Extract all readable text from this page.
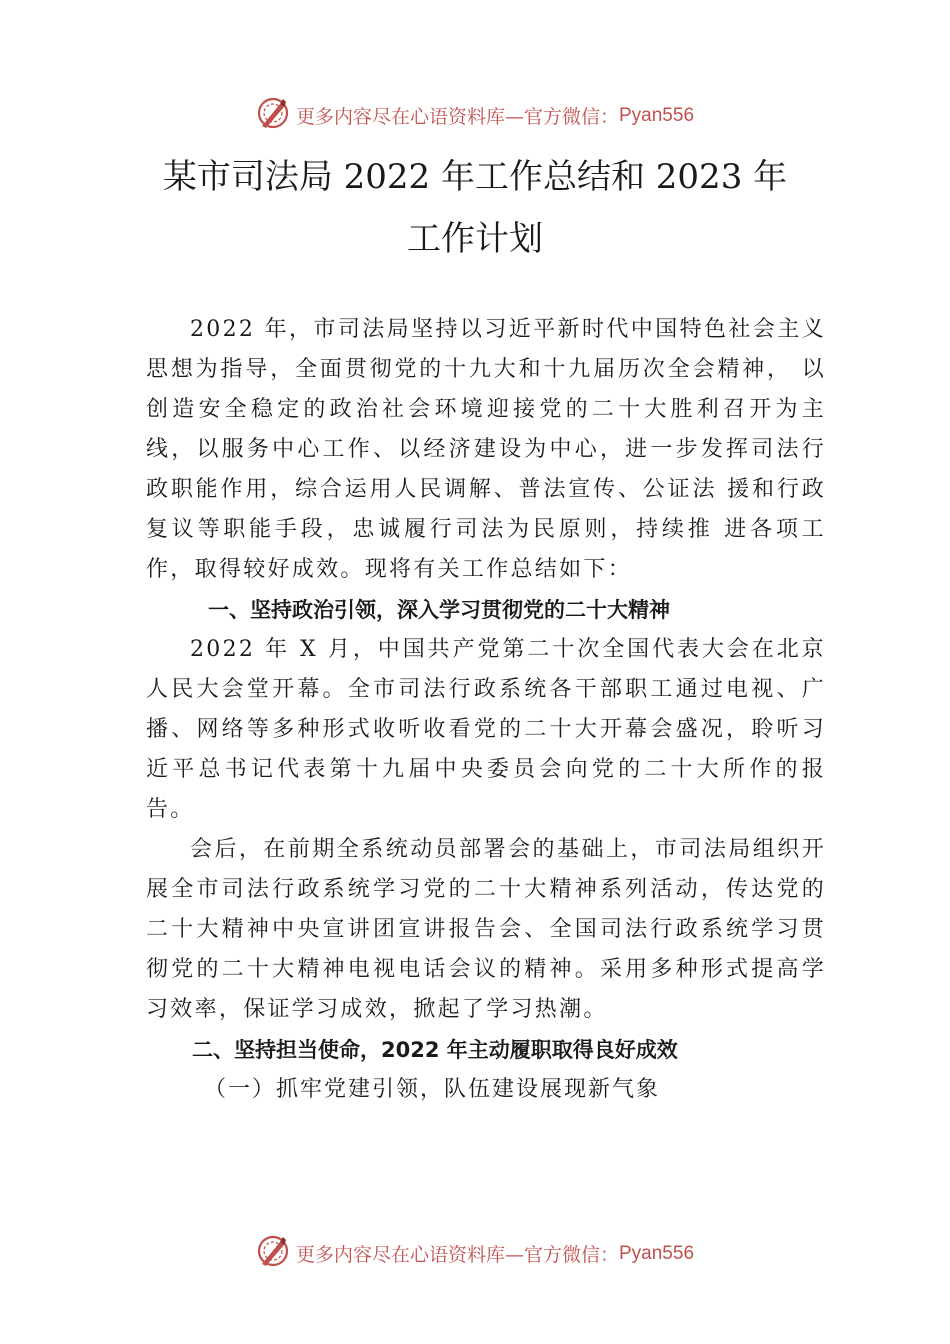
更多内容尽在心语资料库—官方微信： Pyan556
某市司法局 2022 年工作总结和 2023 年
工作计划

2022 年，市司法局坚持以习近平新时代中国特色社会主义思想为指导，全面贯彻党的十九大和十九届历次全会精神， 以创造安全稳定的政治社会环境迎接党的二十大胜利召开为主线，以服务中心工作、以经济建设为中心，进一步发挥司法行政职能作用，综合运用人民调解、普法宣传、公证法 援和行政复议等职能手段，忠诚履行司法为民原则，持续推 进各项工作，取得较好成效。现将有关工作总结如下：

一、坚持政治引领，深入学习贯彻党的二十大精神

2022 年 X 月，中国共产党第二十次全国代表大会在北京人民大会堂开幕。全市司法行政系统各干部职工通过电视、广播、网络等多种形式收听收看党的二十大开幕会盛况，聆听习近平总书记代表第十九届中央委员会向党的二十大所作的报告。

会后，在前期全系统动员部署会的基础上，市司法局组织开展全市司法行政系统学习党的二十大精神系列活动，传达党的二十大精神中央宣讲团宣讲报告会、全国司法行政系统学习贯彻党的二十大精神电视电话会议的精神。采用多种形式提高学习效率，保证学习成效，掀起了学习热潮。

二、坚持担当使命，2022 年主动履职取得良好成效

（一）抓牢党建引领，队伍建设展现新气象

更多内容尽在心语资料库—官方微信： Pyan556
